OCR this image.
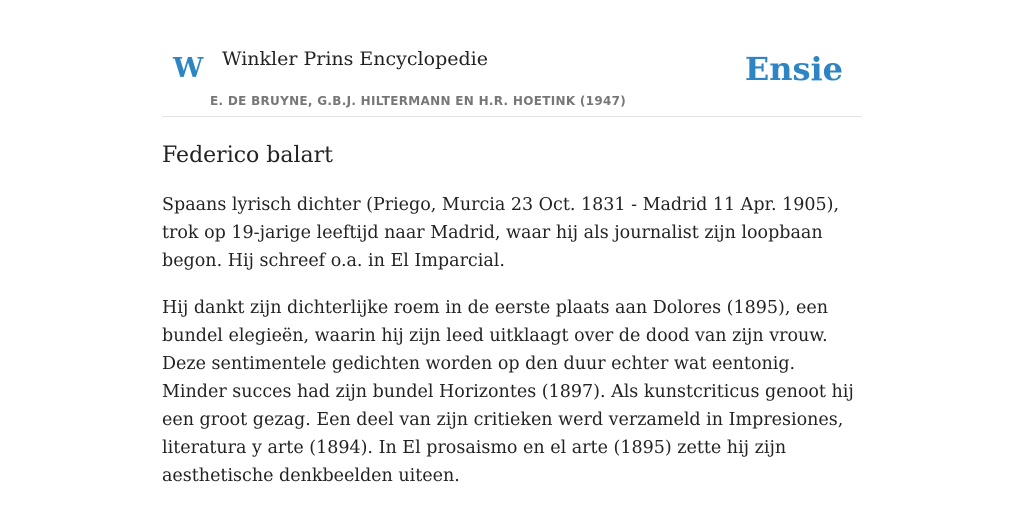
W Winkler Prins Encyclopedie
E. DE BRUYNE, G.B.J. HILTERMANN EN H.R. HOETINK (1947)
Ensie
Federico balart

Spaans lyrisch dichter (Priego, Murcia 23 Oct. 1831 - Madrid 11 Apr. 1905), trok op 19-jarige leeftijd naar Madrid, waar hij als journalist zijn loopbaan begon. Hij schreef o.a. in El Imparcial.

Hij dankt zijn dichterlijke roem in de eerste plaats aan Dolores (1895), een bundel elegieën, waarin hij zijn leed uitklaagt over de dood van zijn vrouw. Deze sentimentele gedichten worden op den duur echter wat eentonig. Minder succes had zijn bundel Horizontes (1897). Als kunstcriticus genoot hij een groot gezag. Een deel van zijn critieken werd verzameld in Impresiones, literatura y arte (1894). In El prosaismo en el arte (1895) zette hij zijn aesthetische denkbeelden uiteen.
